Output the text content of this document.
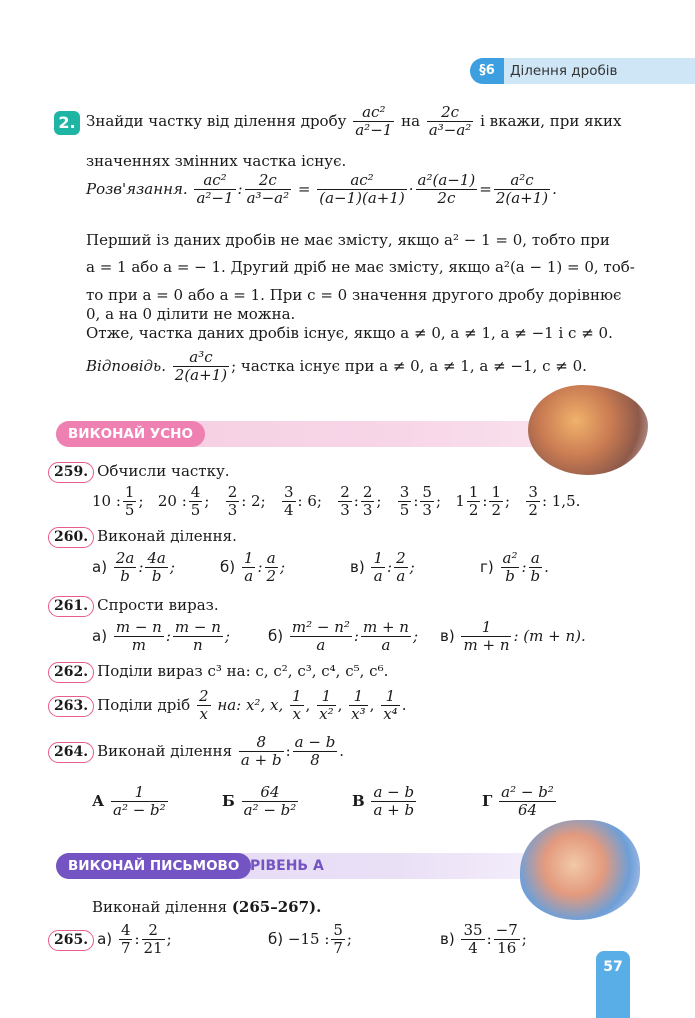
§6	Ділення дробів
2. Знайди частку від ділення дробу $\frac{\text{ac²}}{\text{a²−1}}$ на $\frac{2c}{\text{a³−a²}}$ і вкажи, при яких
значеннях змінних частка існує.
Розв'язання. $\frac{\text{ac²}}{\text{a²−1}}$ : $\frac{2c}{\text{a³−a²}} = \frac{\text{ac²}}{(a-1)(a+1)} \cdot \frac{\text{a²(a−1)}}{2c} = \frac{\text{a²c}}{2(a+1)}$ .
Перший із даних дробів не має змісту, якщо a² − 1 = 0, тобто при
a = 1 або a = − 1. Другий дріб не має змісту, якщо a²(a − 1) = 0, тоб-
то при a = 0 або a = 1. При c = 0 значення другого дробу дорівнює
0, а на 0 ділити не можна.
Отже, частка даних дробів існує, якщо a ≠ 0, a ≠ 1, a ≠ −1 і c ≠ 0.
Відповідь. $\frac{\text{a³c}}{2(a+1)}$ ; частка існує при a ≠ 0, a ≠ 1, a ≠ −1, c ≠ 0.
ВИКОНАЙ УСНО
259. Обчисли частку.
10 : $\frac{1}{5}$ ; 20 : $\frac{4}{5}$ ; $\frac{2}{3}$ : 2; $\frac{3}{4}$ : 6; $\frac{2}{3}$ : $\frac{2}{3}$ ; $\frac{3}{5}$ : $\frac{5}{3}$ ; $1 \frac{1}{2}$ : $\frac{1}{2}$ ; $\frac{3}{2}$ : 1,5.
260. Виконай ділення.
$а) \frac{2a}{b}$ : $\frac{4a}{b}$ ;	$б) \frac{1}{a}$ : $\frac{a}{2}$ ;	$в) \frac{1}{a}$ : $\frac{2}{a}$ ;	$г) \frac{\text{a²}}{b}$ : $\frac{a}{b}$ .
261. Спрости вираз.
$а) \frac{m - n}{m}$ : $\frac{m - n}{n}$ ;	$б) \frac{\text{m² − n²}}{a}$ : $\frac{m + n}{a}$ ; $в) \frac{1}{m + n}$ : (m + n).
262. Поділи вираз c³ на: c, c², c³, c⁴, c⁵, c⁶.
263. Поділи дріб $\frac{2}{x}$ на: x², x, $\frac{1}{x}$ , $\frac{1}{\text{x²}}$ , $\frac{1}{\text{x³}}$ , $\frac{1}{\text{x⁴}}$ .
264. Виконай ділення $\frac{8}{a + b}$ : $\frac{a - b}{8}$ .
А $\frac{1}{\text{a² − b²}}$	Б $\frac{64}{\text{a² − b²}}$	В $\frac{a - b}{a + b}$	Г $\frac{\text{a² − b²}}{64}$
ВИКОНАЙ ПИСЬМОВО РІВЕНЬ А
Виконай ділення (265–267).
265. $а) \frac{4}{7}$ : $\frac{2}{21}$ ;	б) −15 : $\frac{5}{7}$ ;	$в) \frac{35}{4}$ : $\frac{-7}{16}$ ;
57
